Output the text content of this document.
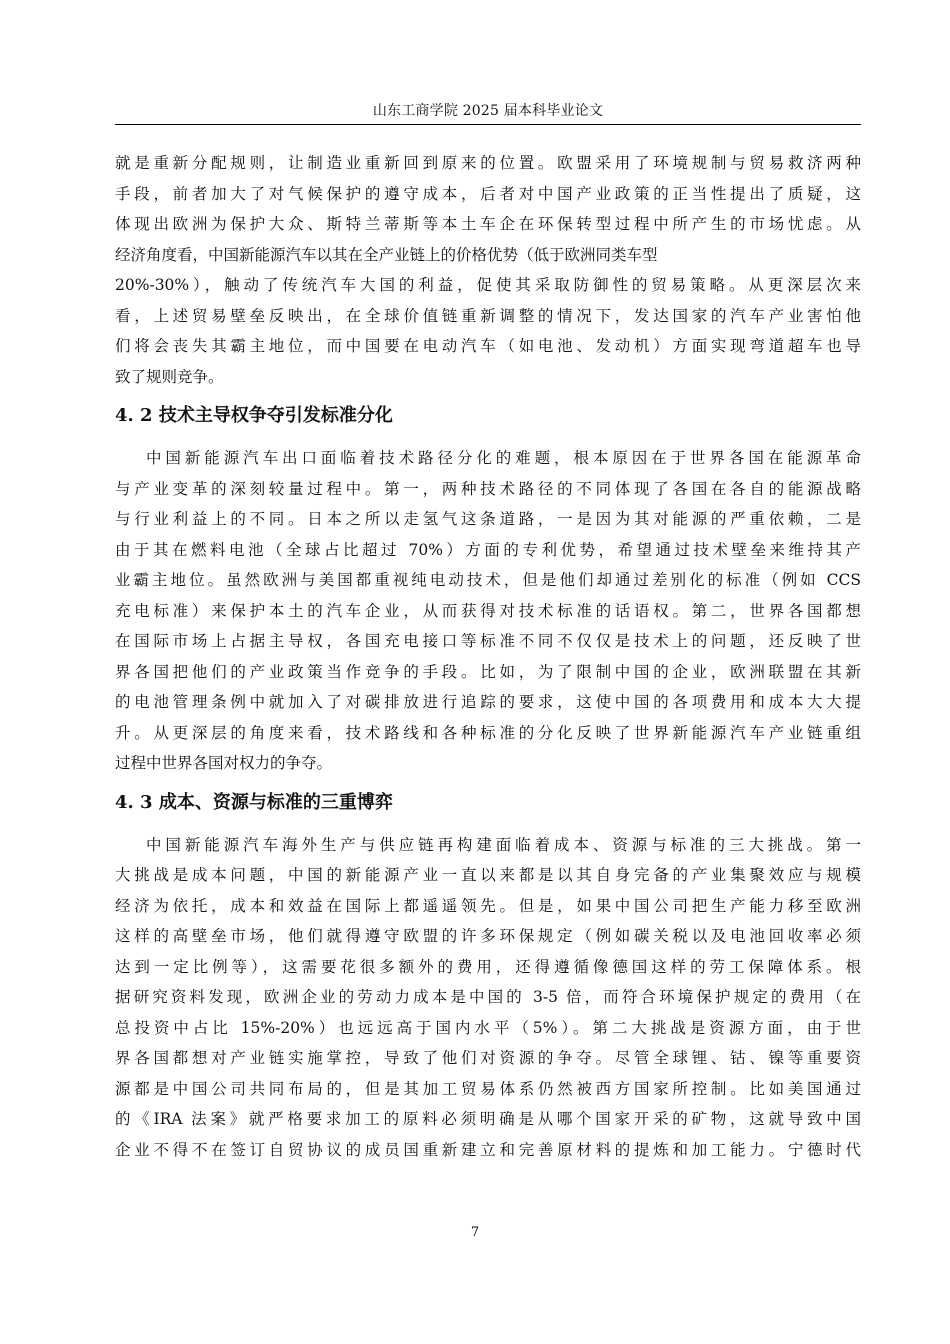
山东工商学院 2025 届本科毕业论文
就是重新分配规则，让制造业重新回到原来的位置。欧盟采用了环境规制与贸易救济两种
手段，前者加大了对气候保护的遵守成本，后者对中国产业政策的正当性提出了质疑，这
体现出欧洲为保护大众、斯特兰蒂斯等本土车企在环保转型过程中所产生的市场忧虑。从
经济角度看，中国新能源汽车以其在全产业链上的价格优势（低于欧洲同类车型
20%-30%），触动了传统汽车大国的利益，促使其采取防御性的贸易策略。从更深层次来
看，上述贸易壁垒反映出，在全球价值链重新调整的情况下，发达国家的汽车产业害怕他
们将会丧失其霸主地位，而中国要在电动汽车（如电池、发动机）方面实现弯道超车也导
致了规则竞争。
4. 2 技术主导权争夺引发标准分化
中国新能源汽车出口面临着技术路径分化的难题，根本原因在于世界各国在能源革命
与产业变革的深刻较量过程中。第一，两种技术路径的不同体现了各国在各自的能源战略
与行业利益上的不同。日本之所以走氢气这条道路，一是因为其对能源的严重依赖，二是
由于其在燃料电池（全球占比超过 70%）方面的专利优势，希望通过技术壁垒来维持其产
业霸主地位。虽然欧洲与美国都重视纯电动技术，但是他们却通过差别化的标准（例如 CCS
充电标准）来保护本土的汽车企业，从而获得对技术标准的话语权。第二，世界各国都想
在国际市场上占据主导权，各国充电接口等标准不同不仅仅是技术上的问题，还反映了世
界各国把他们的产业政策当作竞争的手段。比如，为了限制中国的企业，欧洲联盟在其新
的电池管理条例中就加入了对碳排放进行追踪的要求，这使中国的各项费用和成本大大提
升。从更深层的角度来看，技术路线和各种标准的分化反映了世界新能源汽车产业链重组
过程中世界各国对权力的争夺。
4. 3 成本、资源与标准的三重博弈
中国新能源汽车海外生产与供应链再构建面临着成本、资源与标准的三大挑战。第一
大挑战是成本问题，中国的新能源产业一直以来都是以其自身完备的产业集聚效应与规模
经济为依托，成本和效益在国际上都遥遥领先。但是，如果中国公司把生产能力移至欧洲
这样的高壁垒市场，他们就得遵守欧盟的许多环保规定（例如碳关税以及电池回收率必须
达到一定比例等），这需要花很多额外的费用，还得遵循像德国这样的劳工保障体系。根
据研究资料发现，欧洲企业的劳动力成本是中国的 3-5 倍，而符合环境保护规定的费用（在
总投资中占比 15%-20%）也远远高于国内水平（5%）。第二大挑战是资源方面，由于世
界各国都想对产业链实施掌控，导致了他们对资源的争夺。尽管全球锂、钴、镍等重要资
源都是中国公司共同布局的，但是其加工贸易体系仍然被西方国家所控制。比如美国通过
的《IRA 法案》就严格要求加工的原料必须明确是从哪个国家开采的矿物，这就导致中国
企业不得不在签订自贸协议的成员国重新建立和完善原材料的提炼和加工能力。宁德时代
7
